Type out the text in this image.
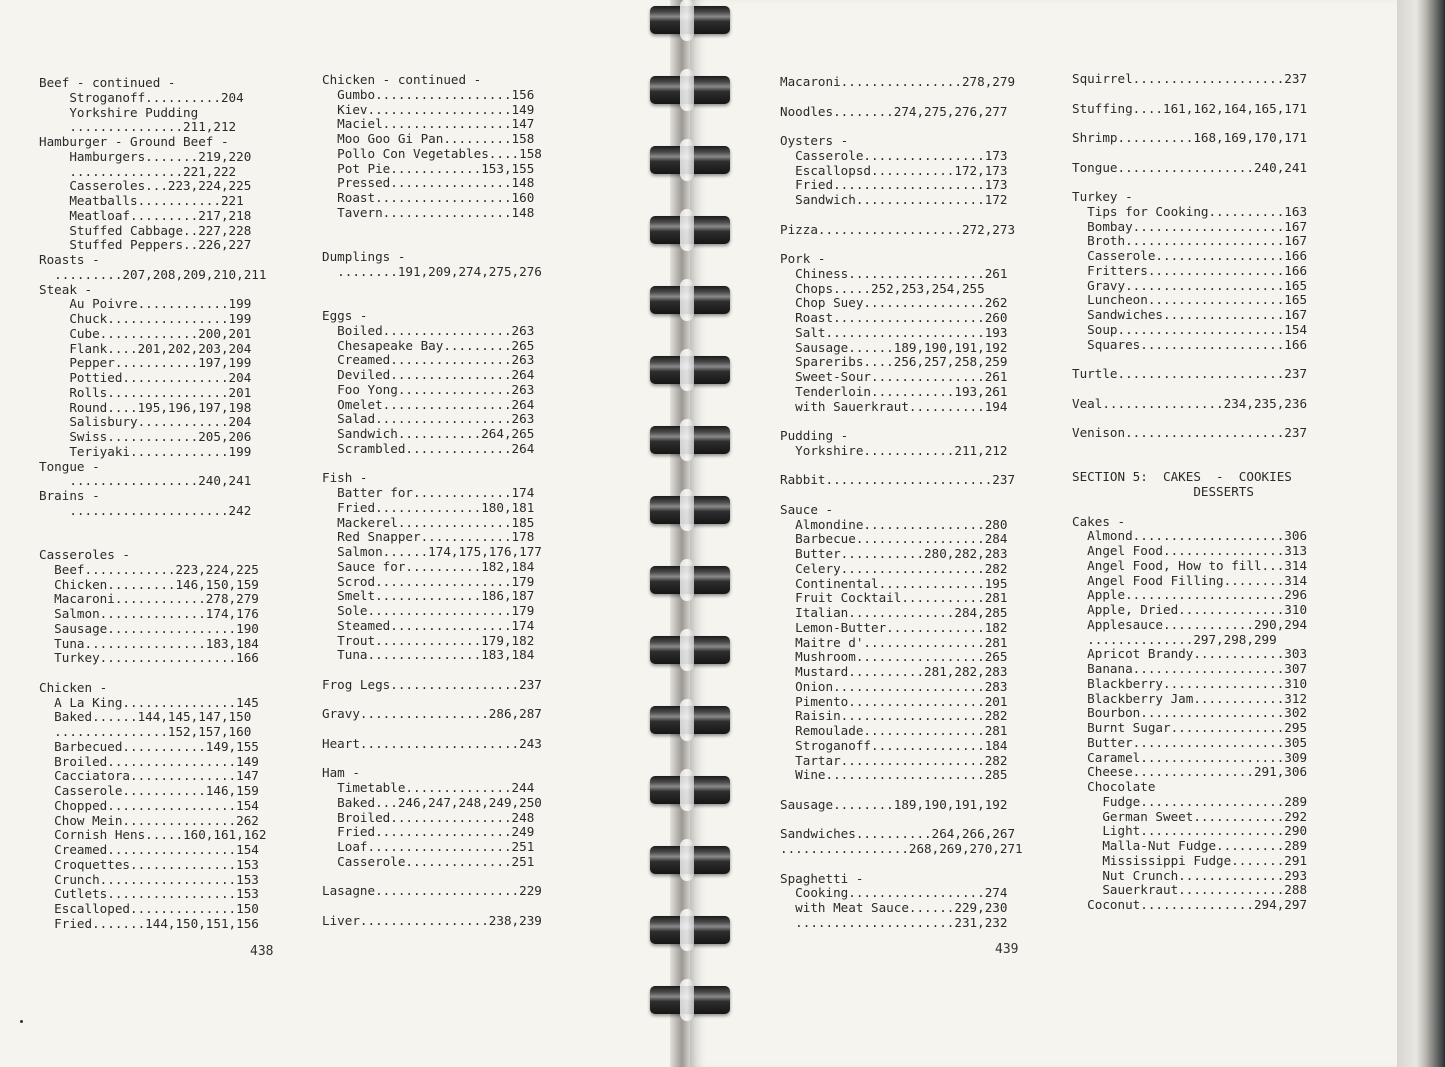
Beef - continued -
Stroganoff..........204
Yorkshire Pudding
...............211,212
Hamburger - Ground Beef -
Hamburgers.......219,220
...............221,222
Casseroles...223,224,225
Meatballs...........221
Meatloaf.........217,218
Stuffed Cabbage..227,228
Stuffed Peppers..226,227
Roasts -
.........207,208,209,210,211
Steak -
Au Poivre............199
Chuck................199
Cube.............200,201
Flank....201,202,203,204
Pepper...........197,199
Pottied..............204
Rolls................201
Round....195,196,197,198
Salisbury............204
Swiss............205,206
Teriyaki.............199
Tongue -
.................240,241
Brains -
.....................242

Casseroles -
Beef............223,224,225
Chicken.........146,150,159
Macaroni............278,279
Salmon..............174,176
Sausage.................190
Tuna................183,184
Turkey..................166

Chicken -
A La King...............145
Baked......144,145,147,150
...............152,157,160
Barbecued...........149,155
Broiled.................149
Cacciatora..............147
Casserole...........146,159
Chopped.................154
Chow Mein...............262
Cornish Hens.....160,161,162
Creamed.................154
Croquettes..............153
Crunch..................153
Cutlets.................153
Escalloped..............150
Fried.......144,150,151,156
Chicken - continued -
Gumbo..................156
Kiev...................149
Maciel.................147
Moo Goo Gi Pan.........158
Pollo Con Vegetables....158
Pot Pie............153,155
Pressed................148
Roast..................160
Tavern.................148

Dumplings -
........191,209,274,275,276

Eggs -
Boiled.................263
Chesapeake Bay.........265
Creamed................263
Deviled................264
Foo Yong...............263
Omelet.................264
Salad..................263
Sandwich...........264,265
Scrambled..............264

Fish -
Batter for.............174
Fried..............180,181
Mackerel...............185
Red Snapper............178
Salmon......174,175,176,177
Sauce for..........182,184
Scrod..................179
Smelt..............186,187
Sole...................179
Steamed................174
Trout..............179,182
Tuna...............183,184

Frog Legs.................237

Gravy.................286,287

Heart.....................243

Ham -
Timetable..............244
Baked...246,247,248,249,250
Broiled................248
Fried..................249
Loaf...................251
Casserole..............251

Lasagne...................229

Liver.................238,239
438
Macaroni................278,279

Noodles........274,275,276,277

Oysters -
Casserole................173
Escallopsd...........172,173
Fried....................173
Sandwich.................172

Pizza...................272,273

Pork -
Chiness..................261
Chops.....252,253,254,255
Chop Suey................262
Roast....................260
Salt.....................193
Sausage......189,190,191,192
Spareribs....256,257,258,259
Sweet-Sour...............261
Tenderloin...........193,261
with Sauerkraut..........194

Pudding -
Yorkshire............211,212

Rabbit......................237

Sauce -
Almondine................280
Barbecue.................284
Butter...........280,282,283
Celery...................282
Continental..............195
Fruit Cocktail...........281
Italian..............284,285
Lemon-Butter.............182
Maitre d'................281
Mushroom.................265
Mustard..........281,282,283
Onion....................283
Pimento..................201
Raisin...................282
Remoulade................281
Stroganoff...............184
Tartar...................282
Wine.....................285

Sausage........189,190,191,192

Sandwiches..........264,266,267
.................268,269,270,271

Spaghetti -
Cooking..................274
with Meat Sauce......229,230
.....................231,232
Squirrel....................237

Stuffing....161,162,164,165,171

Shrimp..........168,169,170,171

Tongue..................240,241

Turkey -
Tips for Cooking..........163
Bombay....................167
Broth.....................167
Casserole.................166
Fritters..................166
Gravy.....................165
Luncheon..................165
Sandwiches................167
Soup......................154
Squares...................166

Turtle......................237

Veal................234,235,236

Venison.....................237

SECTION 5:  CAKES  -  COOKIES
DESSERTS

Cakes -
Almond....................306
Angel Food................313
Angel Food, How to fill...314
Angel Food Filling........314
Apple.....................296
Apple, Dried..............310
Applesauce............290,294
..............297,298,299
Apricot Brandy............303
Banana....................307
Blackberry................310
Blackberry Jam............312
Bourbon...................302
Burnt Sugar...............295
Butter....................305
Caramel...................309
Cheese................291,306
Chocolate
Fudge...................289
German Sweet............292
Light...................290
Malla-Nut Fudge.........289
Mississippi Fudge.......291
Nut Crunch..............293
Sauerkraut..............288
Coconut...............294,297
439
